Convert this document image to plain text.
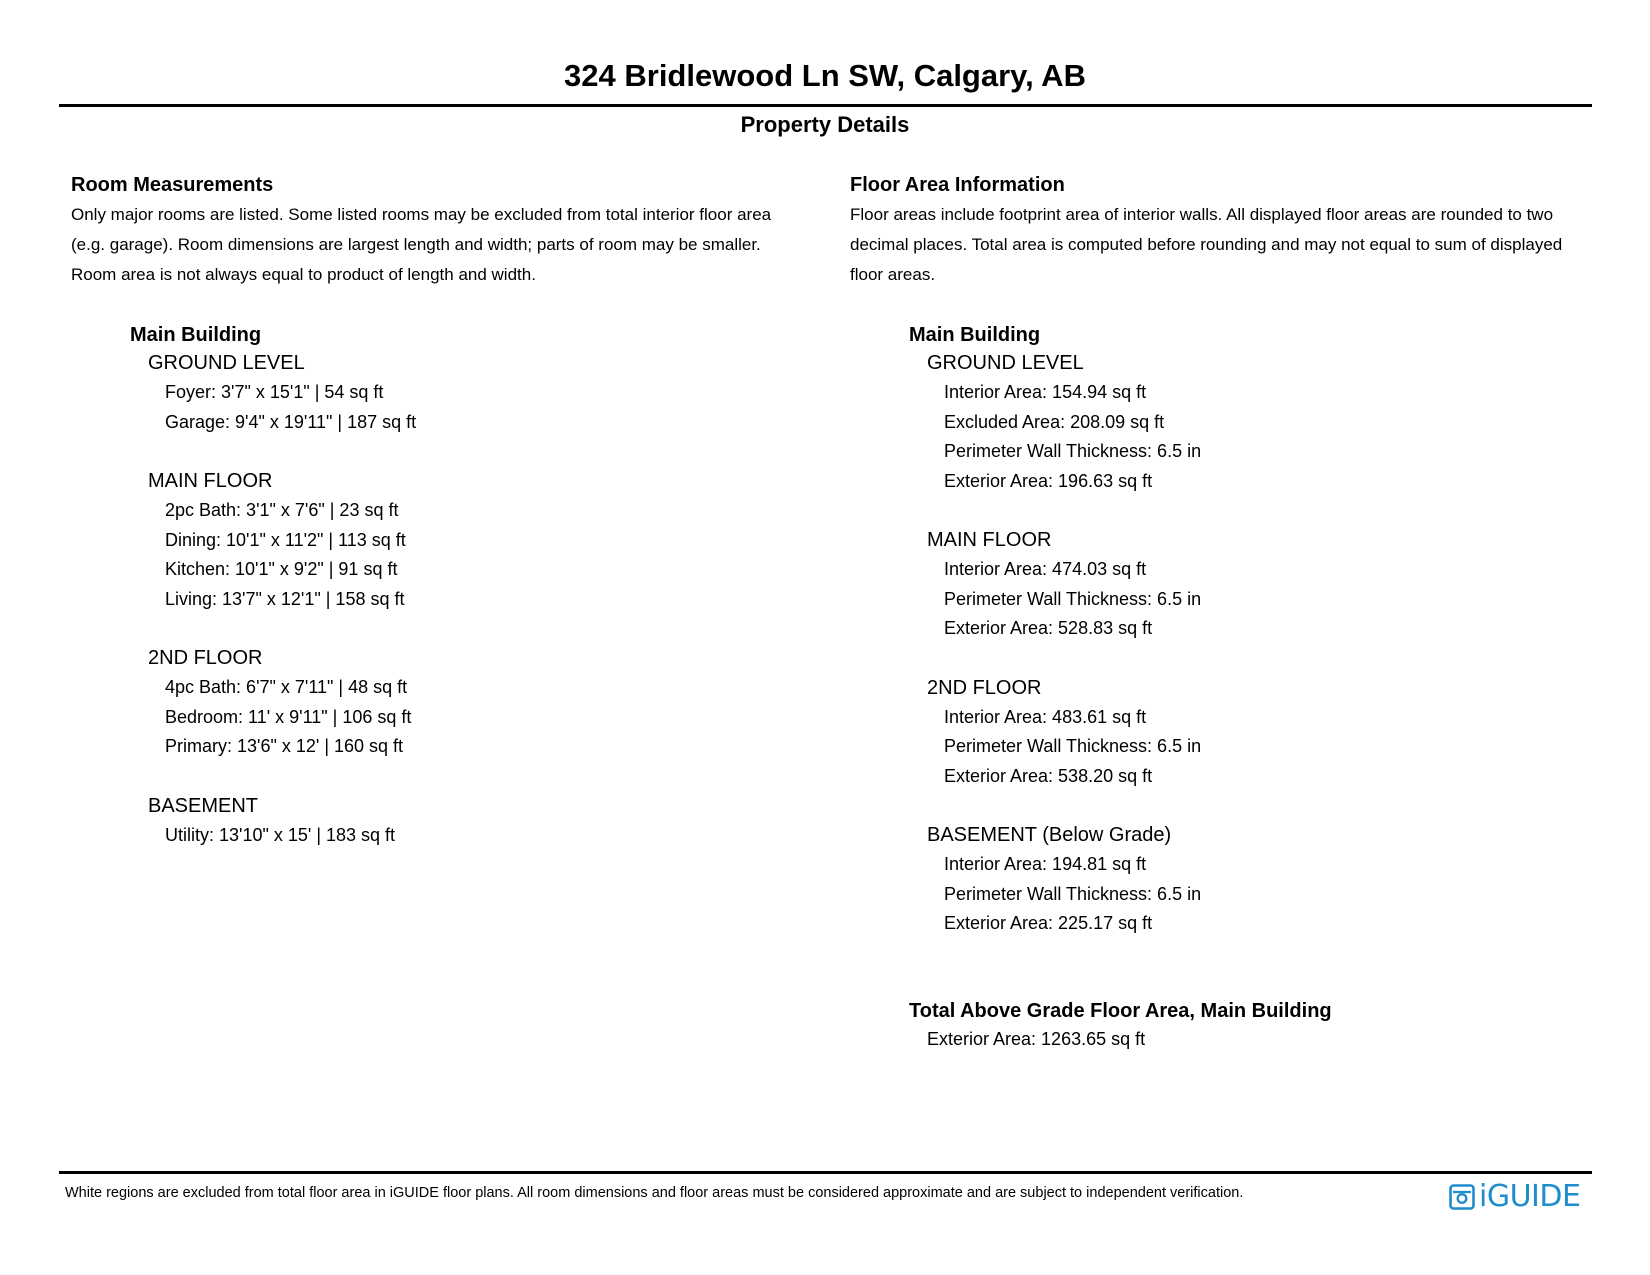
324 Bridlewood Ln SW, Calgary, AB
Property Details
Room Measurements
Only major rooms are listed. Some listed rooms may be excluded from total interior floor area
(e.g. garage). Room dimensions are largest length and width; parts of room may be smaller.
Room area is not always equal to product of length and width.
Main Building
GROUND LEVEL
Foyer: 3'7" x 15'1" | 54 sq ft
Garage: 9'4" x 19'11" | 187 sq ft
MAIN FLOOR
2pc Bath: 3'1" x 7'6" | 23 sq ft
Dining: 10'1" x 11'2" | 113 sq ft
Kitchen: 10'1" x 9'2" | 91 sq ft
Living: 13'7" x 12'1" | 158 sq ft
2ND FLOOR
4pc Bath: 6'7" x 7'11" | 48 sq ft
Bedroom: 11' x 9'11" | 106 sq ft
Primary: 13'6" x 12' | 160 sq ft
BASEMENT
Utility: 13'10" x 15' | 183 sq ft
Floor Area Information
Floor areas include footprint area of interior walls. All displayed floor areas are rounded to two
decimal places. Total area is computed before rounding and may not equal to sum of displayed
floor areas.
Main Building
GROUND LEVEL
Interior Area: 154.94 sq ft
Excluded Area: 208.09 sq ft
Perimeter Wall Thickness: 6.5 in
Exterior Area: 196.63 sq ft
MAIN FLOOR
Interior Area: 474.03 sq ft
Perimeter Wall Thickness: 6.5 in
Exterior Area: 528.83 sq ft
2ND FLOOR
Interior Area: 483.61 sq ft
Perimeter Wall Thickness: 6.5 in
Exterior Area: 538.20 sq ft
BASEMENT (Below Grade)
Interior Area: 194.81 sq ft
Perimeter Wall Thickness: 6.5 in
Exterior Area: 225.17 sq ft
Total Above Grade Floor Area, Main Building
Exterior Area: 1263.65 sq ft
White regions are excluded from total floor area in iGUIDE floor plans. All room dimensions and floor areas must be considered approximate and are subject to independent verification.	iGUIDE
